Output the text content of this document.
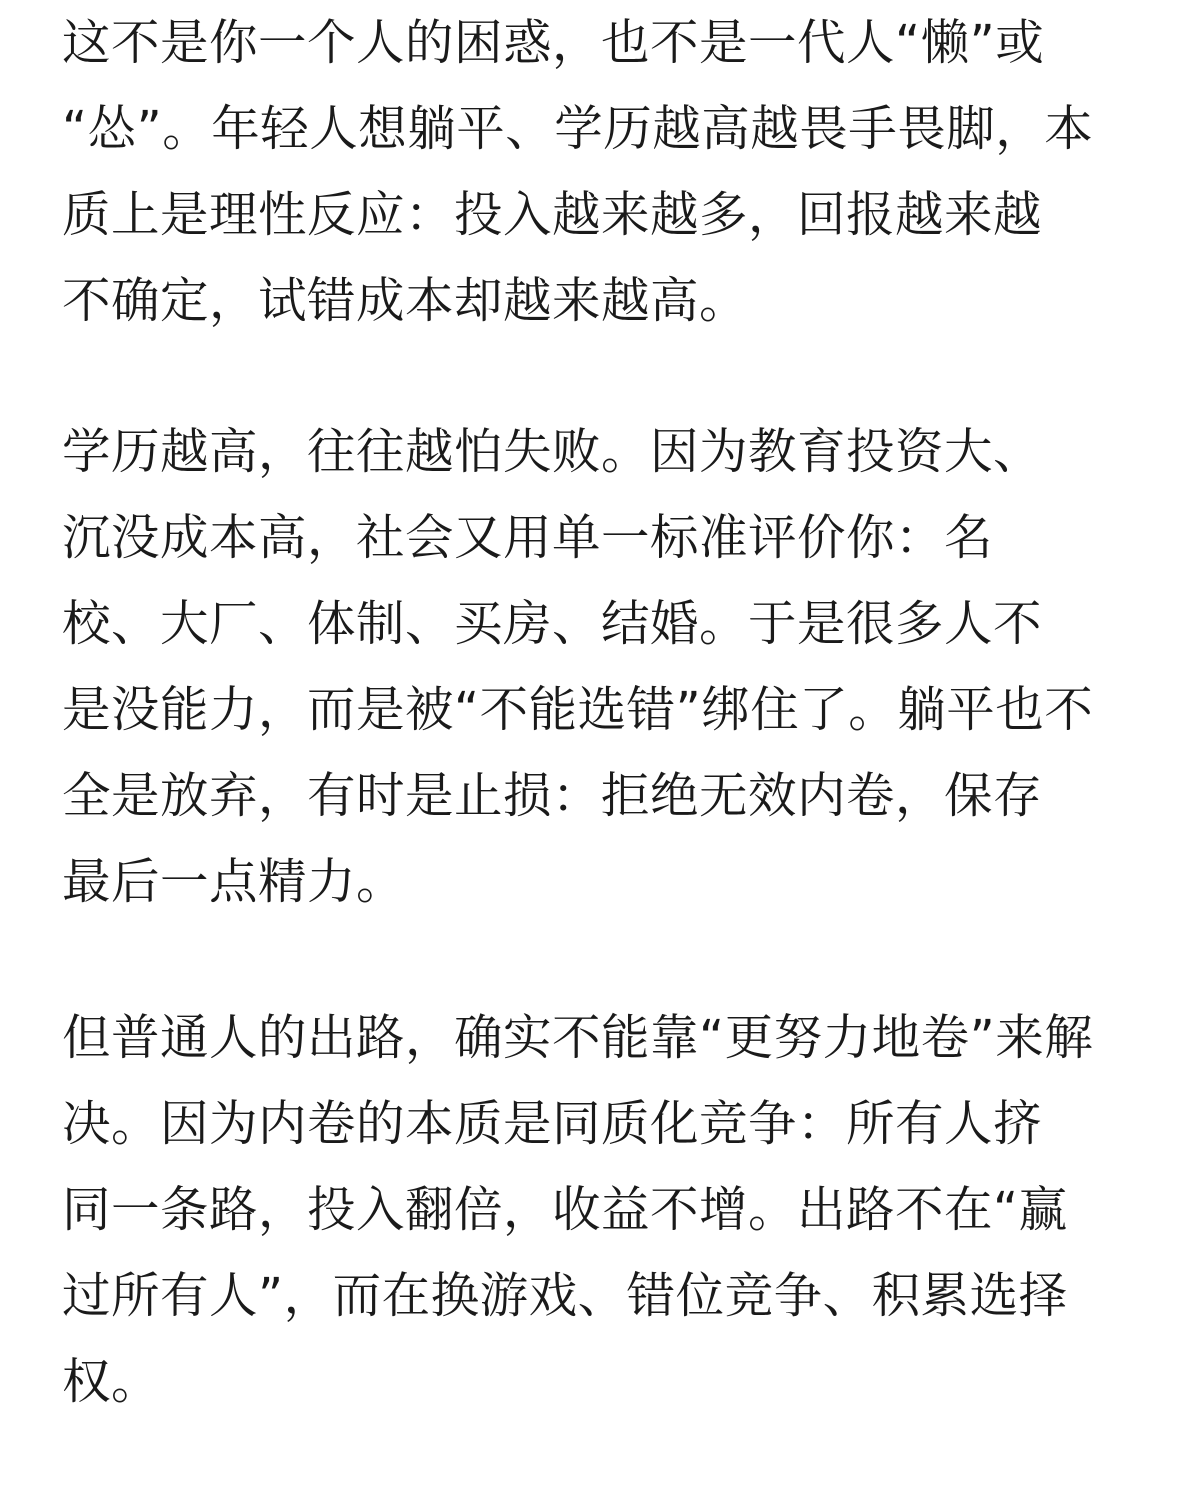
这不是你一个人的困惑，也不是一代人“懒”或
“怂”。年轻人想躺平、学历越高越畏手畏脚，本
质上是理性反应：投入越来越多，回报越来越
不确定，试错成本却越来越高。

学历越高，往往越怕失败。因为教育投资大、
沉没成本高，社会又用单一标准评价你：名
校、大厂、体制、买房、结婚。于是很多人不
是没能力，而是被“不能选错”绑住了。躺平也不
全是放弃，有时是止损：拒绝无效内卷，保存
最后一点精力。

但普通人的出路，确实不能靠“更努力地卷”来解
决。因为内卷的本质是同质化竞争：所有人挤
同一条路，投入翻倍，收益不增。出路不在“赢
过所有人”，而在换游戏、错位竞争、积累选择
权。
